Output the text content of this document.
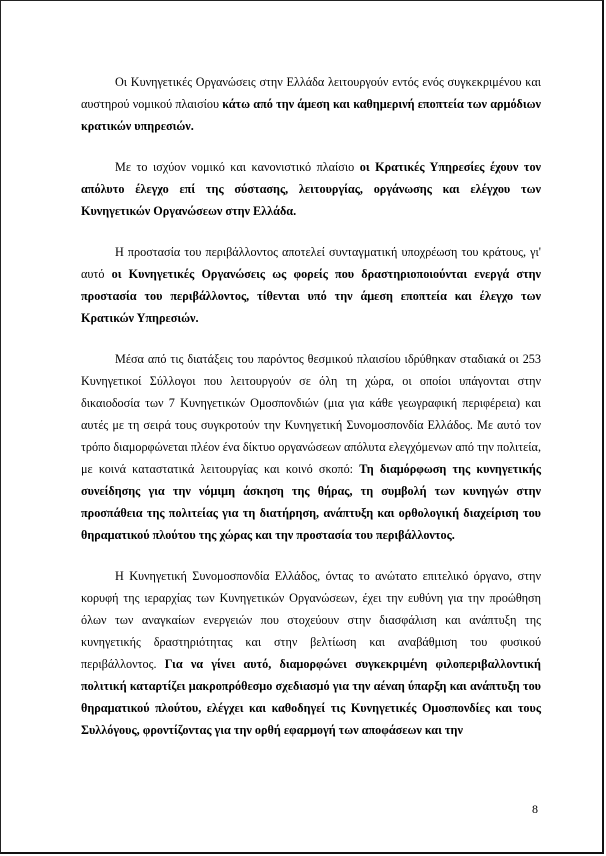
Οι Κυνηγετικές Οργανώσεις στην Ελλάδα λειτουργούν εντός ενός συγκεκριμένου και αυστηρού νομικού πλαισίου κάτω από την άμεση και καθημερινή εποπτεία των αρμόδιων κρατικών υπηρεσιών.

Με το ισχύον νομικό και κανονιστικό πλαίσιο οι Κρατικές Υπηρεσίες έχουν τον απόλυτο έλεγχο επί της σύστασης, λειτουργίας, οργάνωσης και ελέγχου των Κυνηγετικών Οργανώσεων στην Ελλάδα.

Η προστασία του περιβάλλοντος αποτελεί συνταγματική υποχρέωση του κράτους, γι' αυτό οι Κυνηγετικές Οργανώσεις ως φορείς που δραστηριοποιούνται ενεργά στην προστασία του περιβάλλοντος, τίθενται υπό την άμεση εποπτεία και έλεγχο των Κρατικών Υπηρεσιών.

Μέσα από τις διατάξεις του παρόντος θεσμικού πλαισίου ιδρύθηκαν σταδιακά οι 253 Κυνηγετικοί Σύλλογοι που λειτουργούν σε όλη τη χώρα, οι οποίοι υπάγονται στην δικαιοδοσία των 7 Κυνηγετικών Ομοσπονδιών (μια για κάθε γεωγραφική περιφέρεια) και αυτές με τη σειρά τους συγκροτούν την Κυνηγετική Συνομοσπονδία Ελλάδος. Με αυτό τον τρόπο διαμορφώνεται πλέον ένα δίκτυο οργανώσεων απόλυτα ελεγχόμενων από την πολιτεία, με κοινά καταστατικά λειτουργίας και κοινό σκοπό: Τη διαμόρφωση της κυνηγετικής συνείδησης για την νόμιμη άσκηση της θήρας, τη συμβολή των κυνηγών στην προσπάθεια της πολιτείας για τη διατήρηση, ανάπτυξη και ορθολογική διαχείριση του θηραματικού πλούτου της χώρας και την προστασία του περιβάλλοντος.

Η Κυνηγετική Συνομοσπονδία Ελλάδος, όντας το ανώτατο επιτελικό όργανο, στην κορυφή της ιεραρχίας των Κυνηγετικών Οργανώσεων, έχει την ευθύνη για την προώθηση όλων των αναγκαίων ενεργειών που στοχεύουν στην διασφάλιση και ανάπτυξη της κυνηγετικής δραστηριότητας και στην βελτίωση και αναβάθμιση του φυσικού περιβάλλοντος. Για να γίνει αυτό, διαμορφώνει συγκεκριμένη φιλοπεριβαλλοντική πολιτική καταρτίζει μακροπρόθεσμο σχεδιασμό για την αέναη ύπαρξη και ανάπτυξη του θηραματικού πλούτου, ελέγχει και καθοδηγεί τις Κυνηγετικές Ομοσπονδίες και τους Συλλόγους, φροντίζοντας για την ορθή εφαρμογή των αποφάσεων και την

8
